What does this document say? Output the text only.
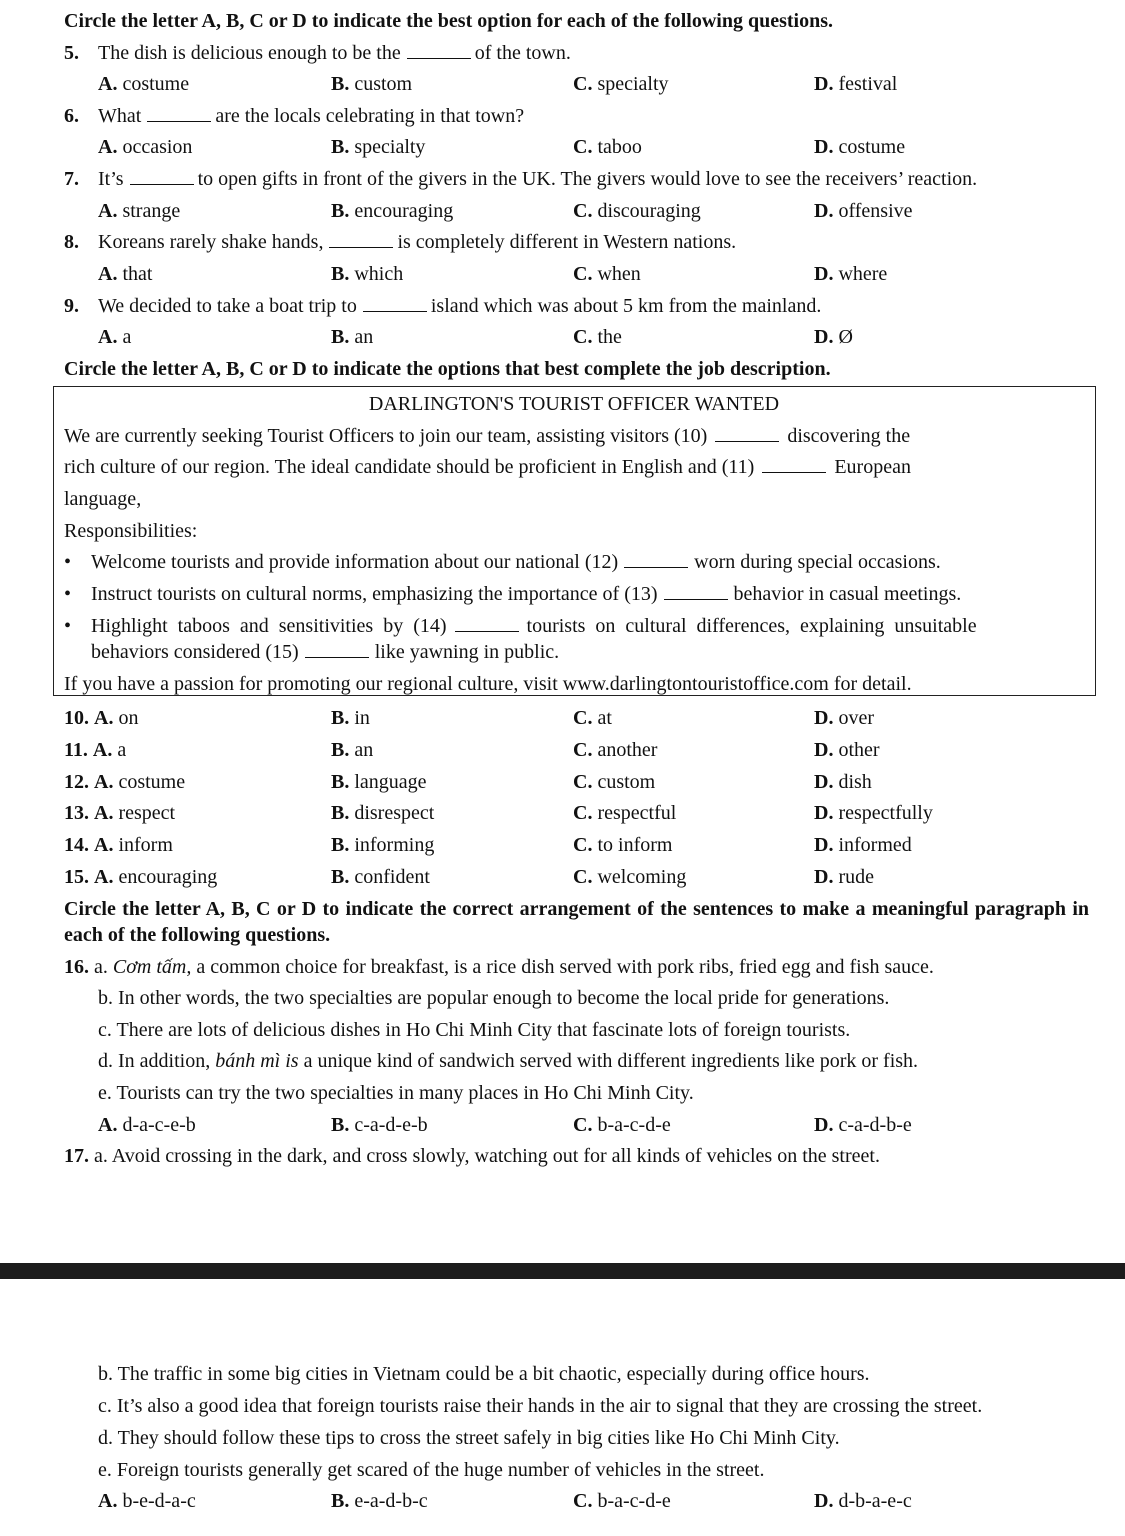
Circle the letter A, B, C or D to indicate the best option for each of the following questions.
5. The dish is delicious enough to be the	of the town.
A. costume	B. custom	C. specialty	D. festival
6. What	are the locals celebrating in that town?
A. occasion	B. specialty	C. taboo	D. costume
7. It’s	to open gifts in front of the givers in the UK. The givers would love to see the receivers’ reaction.
A. strange	B. encouraging	C. discouraging	D. offensive
8. Koreans rarely shake hands,	is completely different in Western nations.
A. that	B. which	C. when	D. where
9. We decided to take a boat trip to	island which was about 5 km from the mainland.
A. a	B. an	C. the	D. Ø
Circle the letter A, B, C or D to indicate the options that best complete the job description.
DARLINGTON'S TOURIST OFFICER WANTED
We are currently seeking Tourist Officers to join our team, assisting visitors (10)	discovering the
rich culture of our region. The ideal candidate should be proficient in English and (11)	European
language,
Responsibilities:
• Welcome tourists and provide information about our national (12)	worn during special occasions.
• Instruct tourists on cultural norms, emphasizing the importance of (13)	behavior in casual meetings.
• Highlight  taboos  and  sensitivities  by  (14)	tourists  on  cultural  differences,  explaining  unsuitable
behaviors considered (15)	like yawning in public.
If you have a passion for promoting our regional culture, visit www.darlingtontouristoffice.com for detail.
10. A. on	B. in	C. at	D. over
11. A. a	B. an	C. another	D. other
12. A. costume	B. language	C. custom	D. dish
13. A. respect	B. disrespect	C. respectful	D. respectfully
14. A. inform	B. informing	C. to inform	D. informed
15. A. encouraging	B. confident	C. welcoming	D. rude
Circle the letter A, B, C or D to indicate the correct arrangement of the sentences to make a meaningful paragraph in each of the following questions.
16. a. Cơm tấm, a common choice for breakfast, is a rice dish served with pork ribs, fried egg and fish sauce.
b. In other words, the two specialties are popular enough to become the local pride for generations.
c. There are lots of delicious dishes in Ho Chi Minh City that fascinate lots of foreign tourists.
d. In addition, bánh mì is a unique kind of sandwich served with different ingredients like pork or fish.
e. Tourists can try the two specialties in many places in Ho Chi Minh City.
A. d-a-c-e-b	B. c-a-d-e-b	C. b-a-c-d-e	D. c-a-d-b-e
17. a. Avoid crossing in the dark, and cross slowly, watching out for all kinds of vehicles on the street.
b. The traffic in some big cities in Vietnam could be a bit chaotic, especially during office hours.
c. It’s also a good idea that foreign tourists raise their hands in the air to signal that they are crossing the street.
d. They should follow these tips to cross the street safely in big cities like Ho Chi Minh City.
e. Foreign tourists generally get scared of the huge number of vehicles in the street.
A. b-e-d-a-c	B. e-a-d-b-c	C. b-a-c-d-e	D. d-b-a-e-c
